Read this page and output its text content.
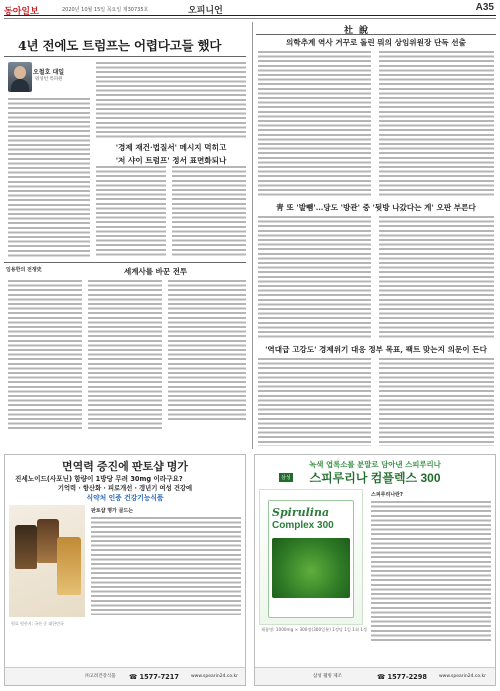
동아일보	2020년 10월 15일 목요일 제30735호	오피니언	A35
4년 전에도 트럼프는 어렵다고들 했다
오철호 대일
워싱턴 특파원
'경제 재건·법질서' 메시지 먹히고
'저 샤이 트럼프' 정서 표면화되나
임용한의 전쟁史	세계사를 바꾼 전투
社說
의학추계 역사 거꾸로 돌린 뭐의 상임위원장 단독 선출
靑 또 '발뺌'…당도 '방관' 중 '뒷방 나갔다는 게' 오판 부른다
'역대급 고강도' 경제위기 대응 정부 목표, 팩트 맞는지 의문이 든다
면역력 증진에 판토샵 명가
진세노이드(사포닌) 함량이 1방당 무려 30mg 이라구요?
기억력 · 항산화 · 피로개선 · 갱년기 여성 건강에
식약처 인증 건강기능식품
판토샵 명가 골드는
원료 원산지: 국산 중 대한민국
㈜고려건강식품 ☎ 1577-7217	www.spearin24.co.kr
녹색 엽록소를 분말로 담아낸 스피루리나
삼성	스피루리나 컴플렉스 300
Spirulina
Complex 300
제품명: 1000mg × 300정(300일분) 1정당 1일 1회 1정
스피루리나란?
삼성 웰빙 제조	☎ 1577-2298	www.spearin24.co.kr
